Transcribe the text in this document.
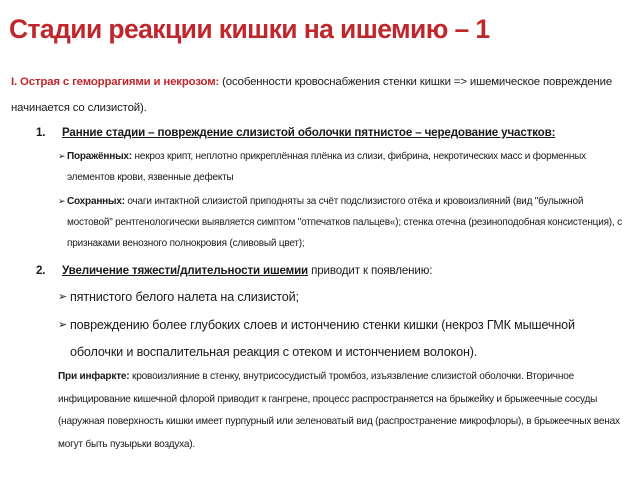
Стадии реакции кишки на ишемию – 1
I. Острая с геморрагиями и некрозом: (особенности кровоснабжения стенки кишки => ишемическое повреждение начинается со слизистой).
1. Ранние стадии – повреждение слизистой оболочки пятнистое – чередование участков:
➢ Поражённых: некроз крипт, неплотно прикреплённая плёнка из слизи, фибрина, некротических масс и форменных элементов крови, язвенные дефекты
➢ Сохранных: очаги интактной слизистой приподняты за счёт подслизистого отёка и кровоизлияний (вид "булыжной мостовой" рентгенологически выявляется симптом "отпечатков пальцев«); стенка отечна (резиноподобная консистенция), с признаками венозного полнокровия (сливовый цвет);
2. Увеличение тяжести/длительности ишемии приводит к появлению:
➢ пятнистого белого налета на слизистой;
➢ повреждению более глубоких слоев и истончению стенки кишки (некроз ГМК мышечной оболочки и воспалительная реакция с отеком и истончением волокон).
При инфаркте: кровоизлияние в стенку, внутрисосудистый тромбоз, изъязвление слизистой оболочки. Вторичное инфицирование кишечной флорой приводит к гангрене, процесс распространяется на брыжейку и брыжеечные сосуды (наружная поверхность кишки имеет пурпурный или зеленоватый вид (распространение микрофлоры), в брыжеечных венах могут быть пузырьки воздуха).
